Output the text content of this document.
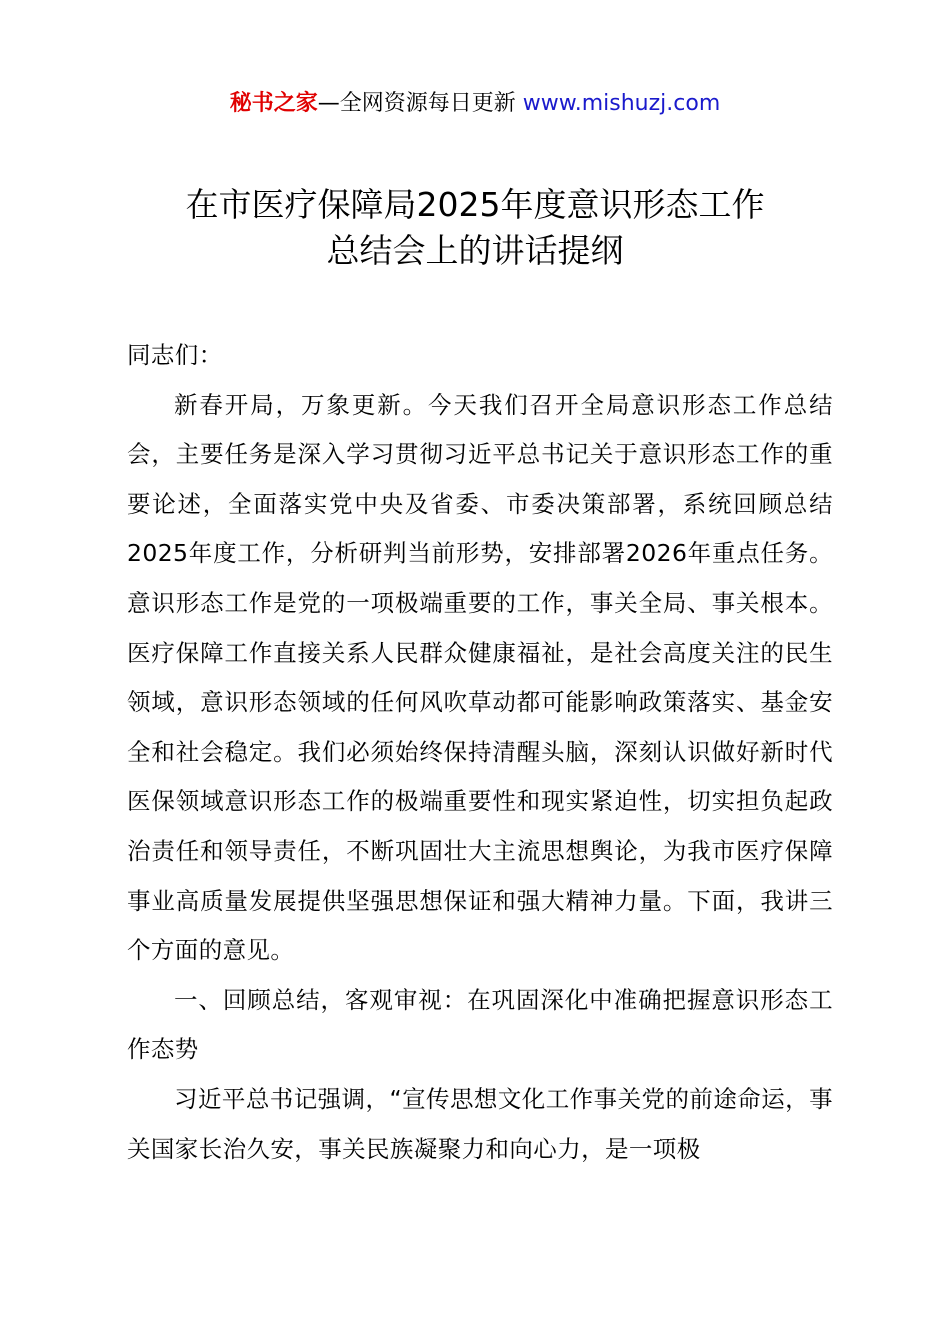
秘书之家—全网资源每日更新 www.mishuzj.com
在市医疗保障局2025年度意识形态工作
总结会上的讲话提纲

同志们：

新春开局，万象更新。今天我们召开全局意识形态工作总结会，主要任务是深入学习贯彻习近平总书记关于意识形态工作的重要论述，全面落实党中央及省委、市委决策部署，系统回顾总结2025年度工作，分析研判当前形势，安排部署2026年重点任务。意识形态工作是党的一项极端重要的工作，事关全局、事关根本。医疗保障工作直接关系人民群众健康福祉，是社会高度关注的民生领域，意识形态领域的任何风吹草动都可能影响政策落实、基金安全和社会稳定。我们必须始终保持清醒头脑，深刻认识做好新时代医保领域意识形态工作的极端重要性和现实紧迫性，切实担负起政治责任和领导责任，不断巩固壮大主流思想舆论，为我市医疗保障事业高质量发展提供坚强思想保证和强大精神力量。下面，我讲三个方面的意见。

一、回顾总结，客观审视：在巩固深化中准确把握意识形态工作态势

习近平总书记强调，“宣传思想文化工作事关党的前途命运，事关国家长治久安，事关民族凝聚力和向心力，是一项极
